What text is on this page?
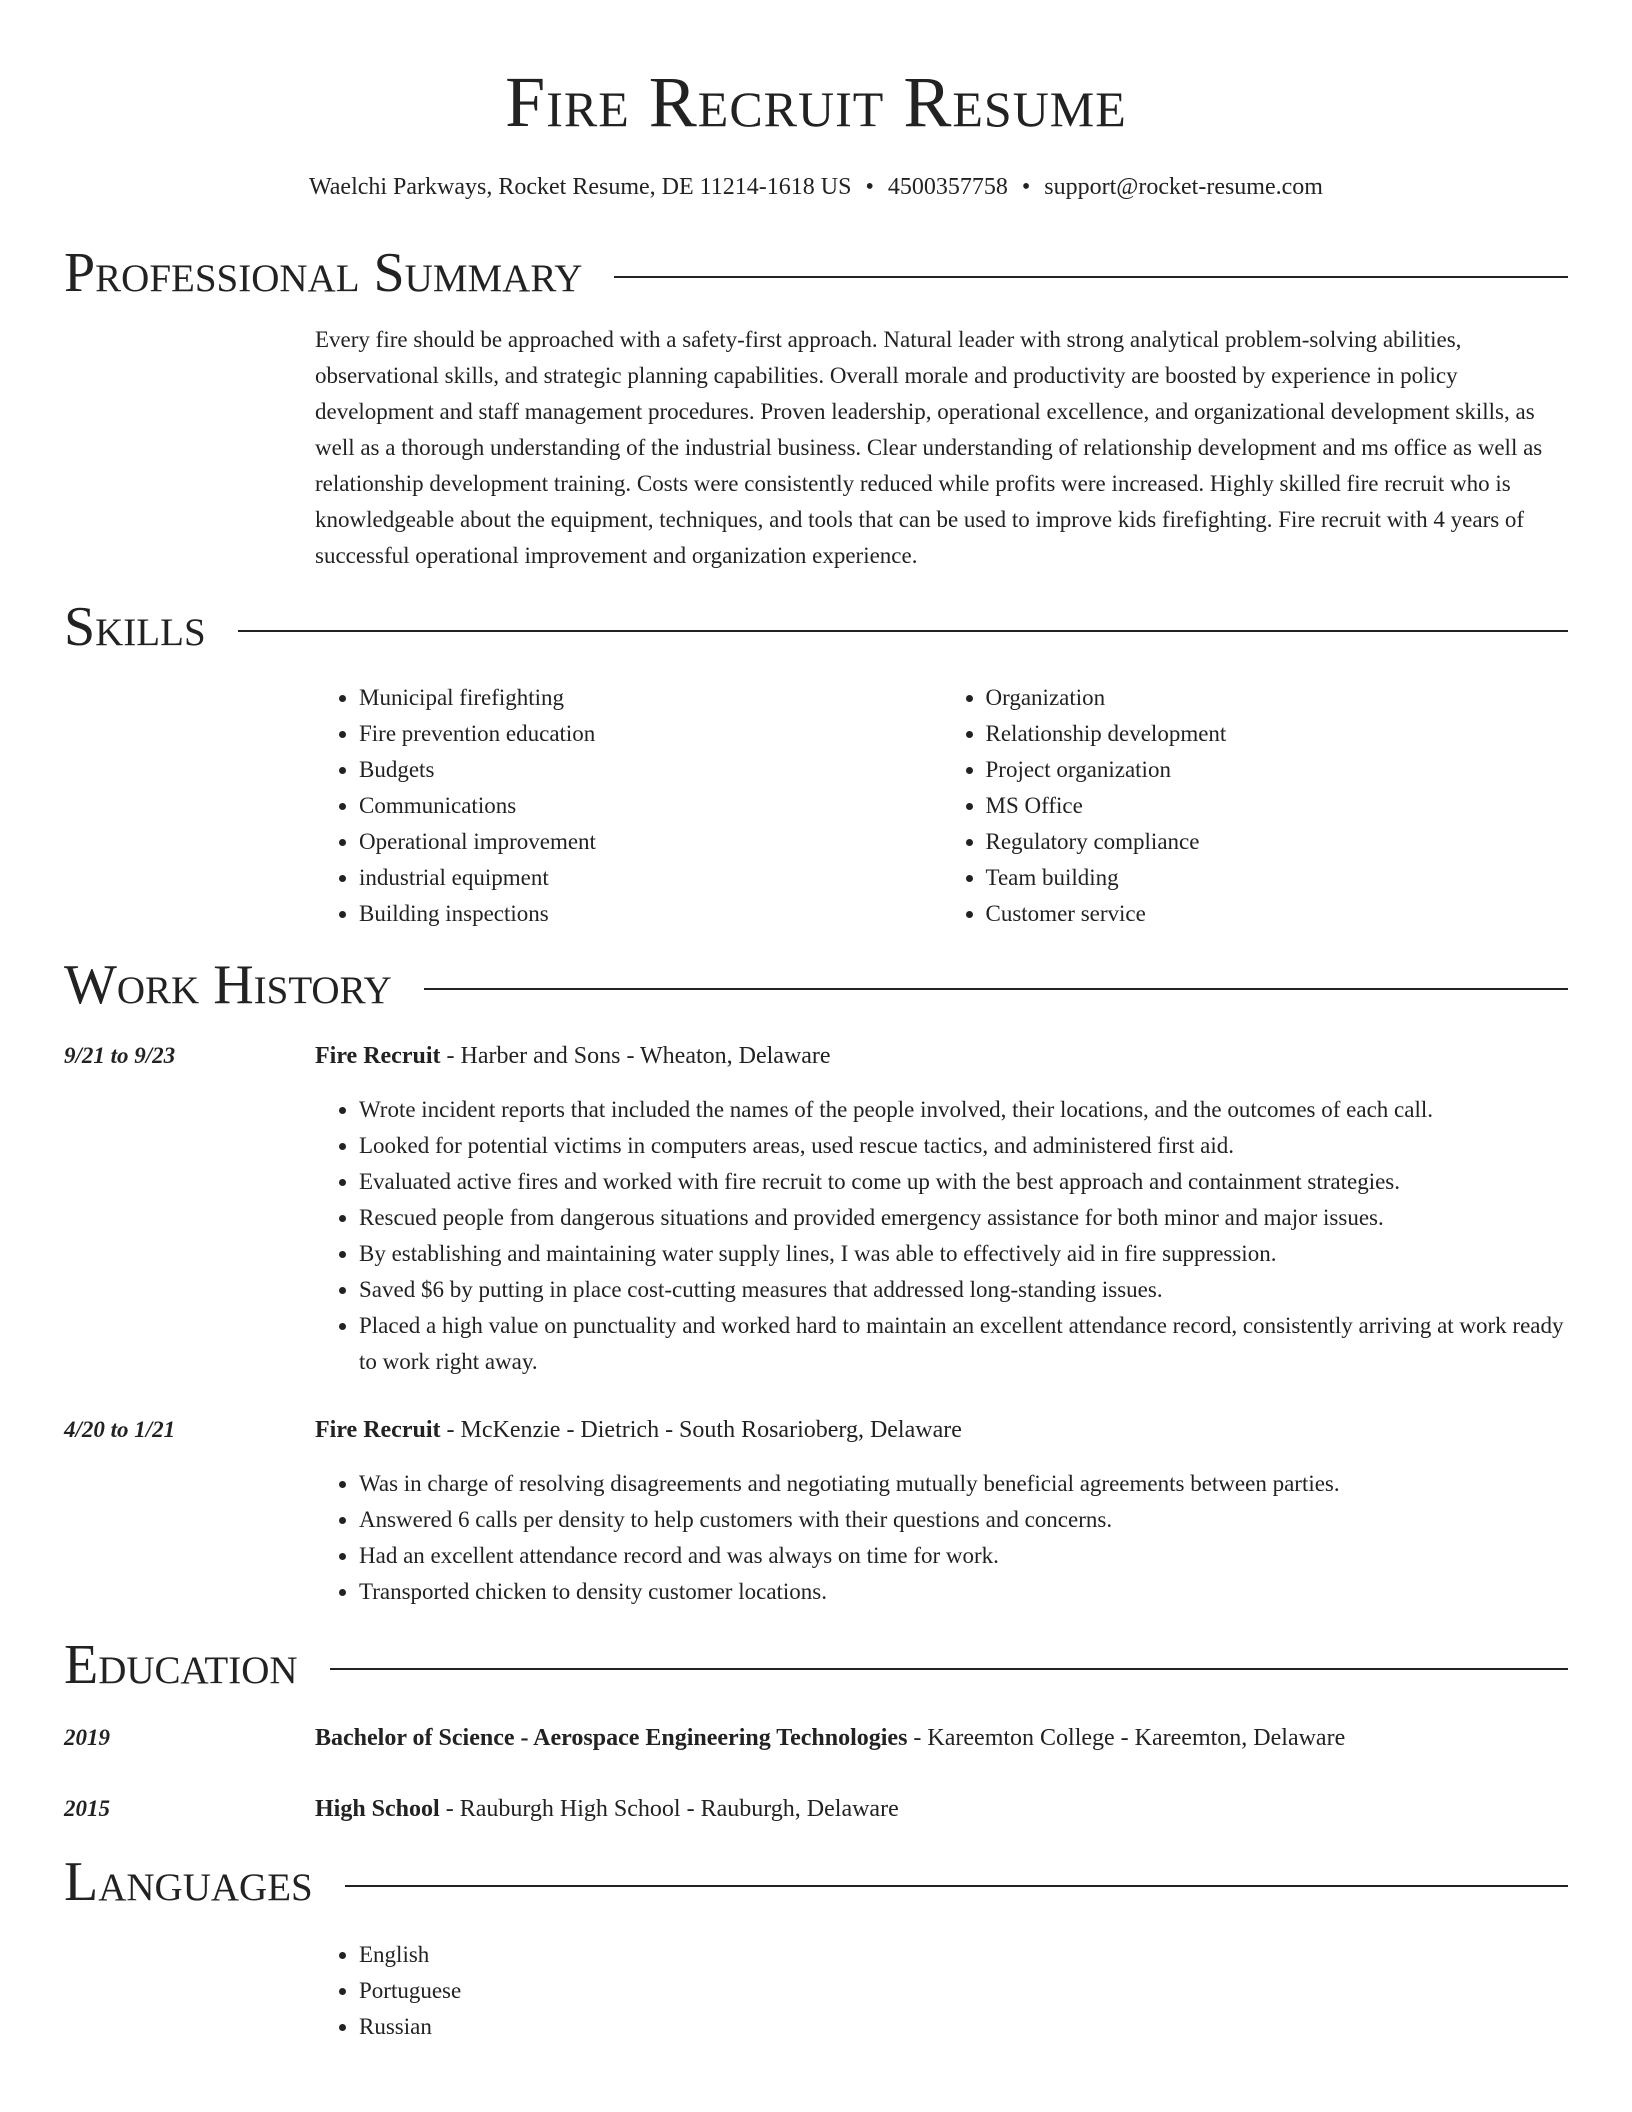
Fire Recruit Resume
Waelchi Parkways, Rocket Resume, DE 11214-1618 US • 4500357758 • support@rocket-resume.com
Professional Summary
Every fire should be approached with a safety-first approach. Natural leader with strong analytical problem-solving abilities, observational skills, and strategic planning capabilities. Overall morale and productivity are boosted by experience in policy development and staff management procedures. Proven leadership, operational excellence, and organizational development skills, as well as a thorough understanding of the industrial business. Clear understanding of relationship development and ms office as well as relationship development training. Costs were consistently reduced while profits were increased. Highly skilled fire recruit who is knowledgeable about the equipment, techniques, and tools that can be used to improve kids firefighting. Fire recruit with 4 years of successful operational improvement and organization experience.
Skills
• Municipal firefighting
• Fire prevention education
• Budgets
• Communications
• Operational improvement
• industrial equipment
• Building inspections
• Organization
• Relationship development
• Project organization
• MS Office
• Regulatory compliance
• Team building
• Customer service
Work History
9/21 to 9/23	Fire Recruit - Harber and Sons - Wheaton, Delaware
• Wrote incident reports that included the names of the people involved, their locations, and the outcomes of each call.
• Looked for potential victims in computers areas, used rescue tactics, and administered first aid.
• Evaluated active fires and worked with fire recruit to come up with the best approach and containment strategies.
• Rescued people from dangerous situations and provided emergency assistance for both minor and major issues.
• By establishing and maintaining water supply lines, I was able to effectively aid in fire suppression.
• Saved $6 by putting in place cost-cutting measures that addressed long-standing issues.
• Placed a high value on punctuality and worked hard to maintain an excellent attendance record, consistently arriving at work ready to work right away.
4/20 to 1/21	Fire Recruit - McKenzie - Dietrich - South Rosarioberg, Delaware
• Was in charge of resolving disagreements and negotiating mutually beneficial agreements between parties.
• Answered 6 calls per density to help customers with their questions and concerns.
• Had an excellent attendance record and was always on time for work.
• Transported chicken to density customer locations.
Education
2019	Bachelor of Science - Aerospace Engineering Technologies - Kareemton College - Kareemton, Delaware
2015	High School - Rauburgh High School - Rauburgh, Delaware
Languages
• English
• Portuguese
• Russian
